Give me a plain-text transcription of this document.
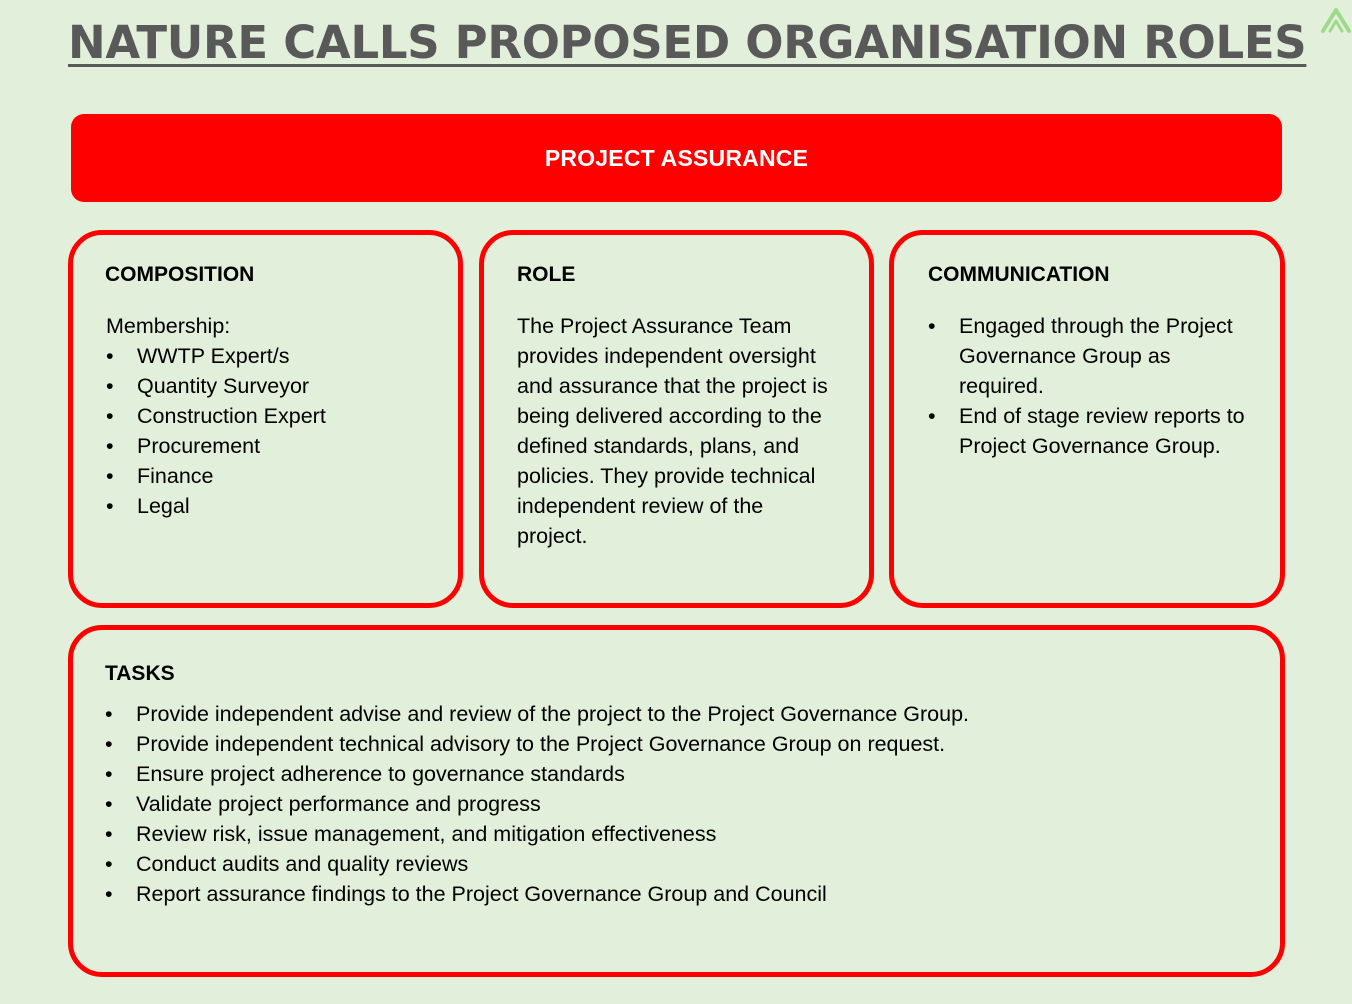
NATURE CALLS PROPOSED ORGANISATION ROLES
PROJECT ASSURANCE
COMPOSITION

Membership:

• WWTP Expert/s
• Quantity Surveyor
• Construction Expert
• Procurement
• Finance
• Legal
ROLE

The Project Assurance Team provides independent oversight and assurance that the project is being delivered according to the defined standards, plans, and policies. They provide technical independent review of the project.

COMMUNICATION
• Engaged through the Project Governance Group as required.
• End of stage review reports to Project Governance Group.
TASKS
• Provide independent advise and review of the project to the Project Governance Group.
• Provide independent technical advisory to the Project Governance Group on request.
• Ensure project adherence to governance standards
• Validate project performance and progress
• Review risk, issue management, and mitigation effectiveness
• Conduct audits and quality reviews
• Report assurance findings to the Project Governance Group and Council
